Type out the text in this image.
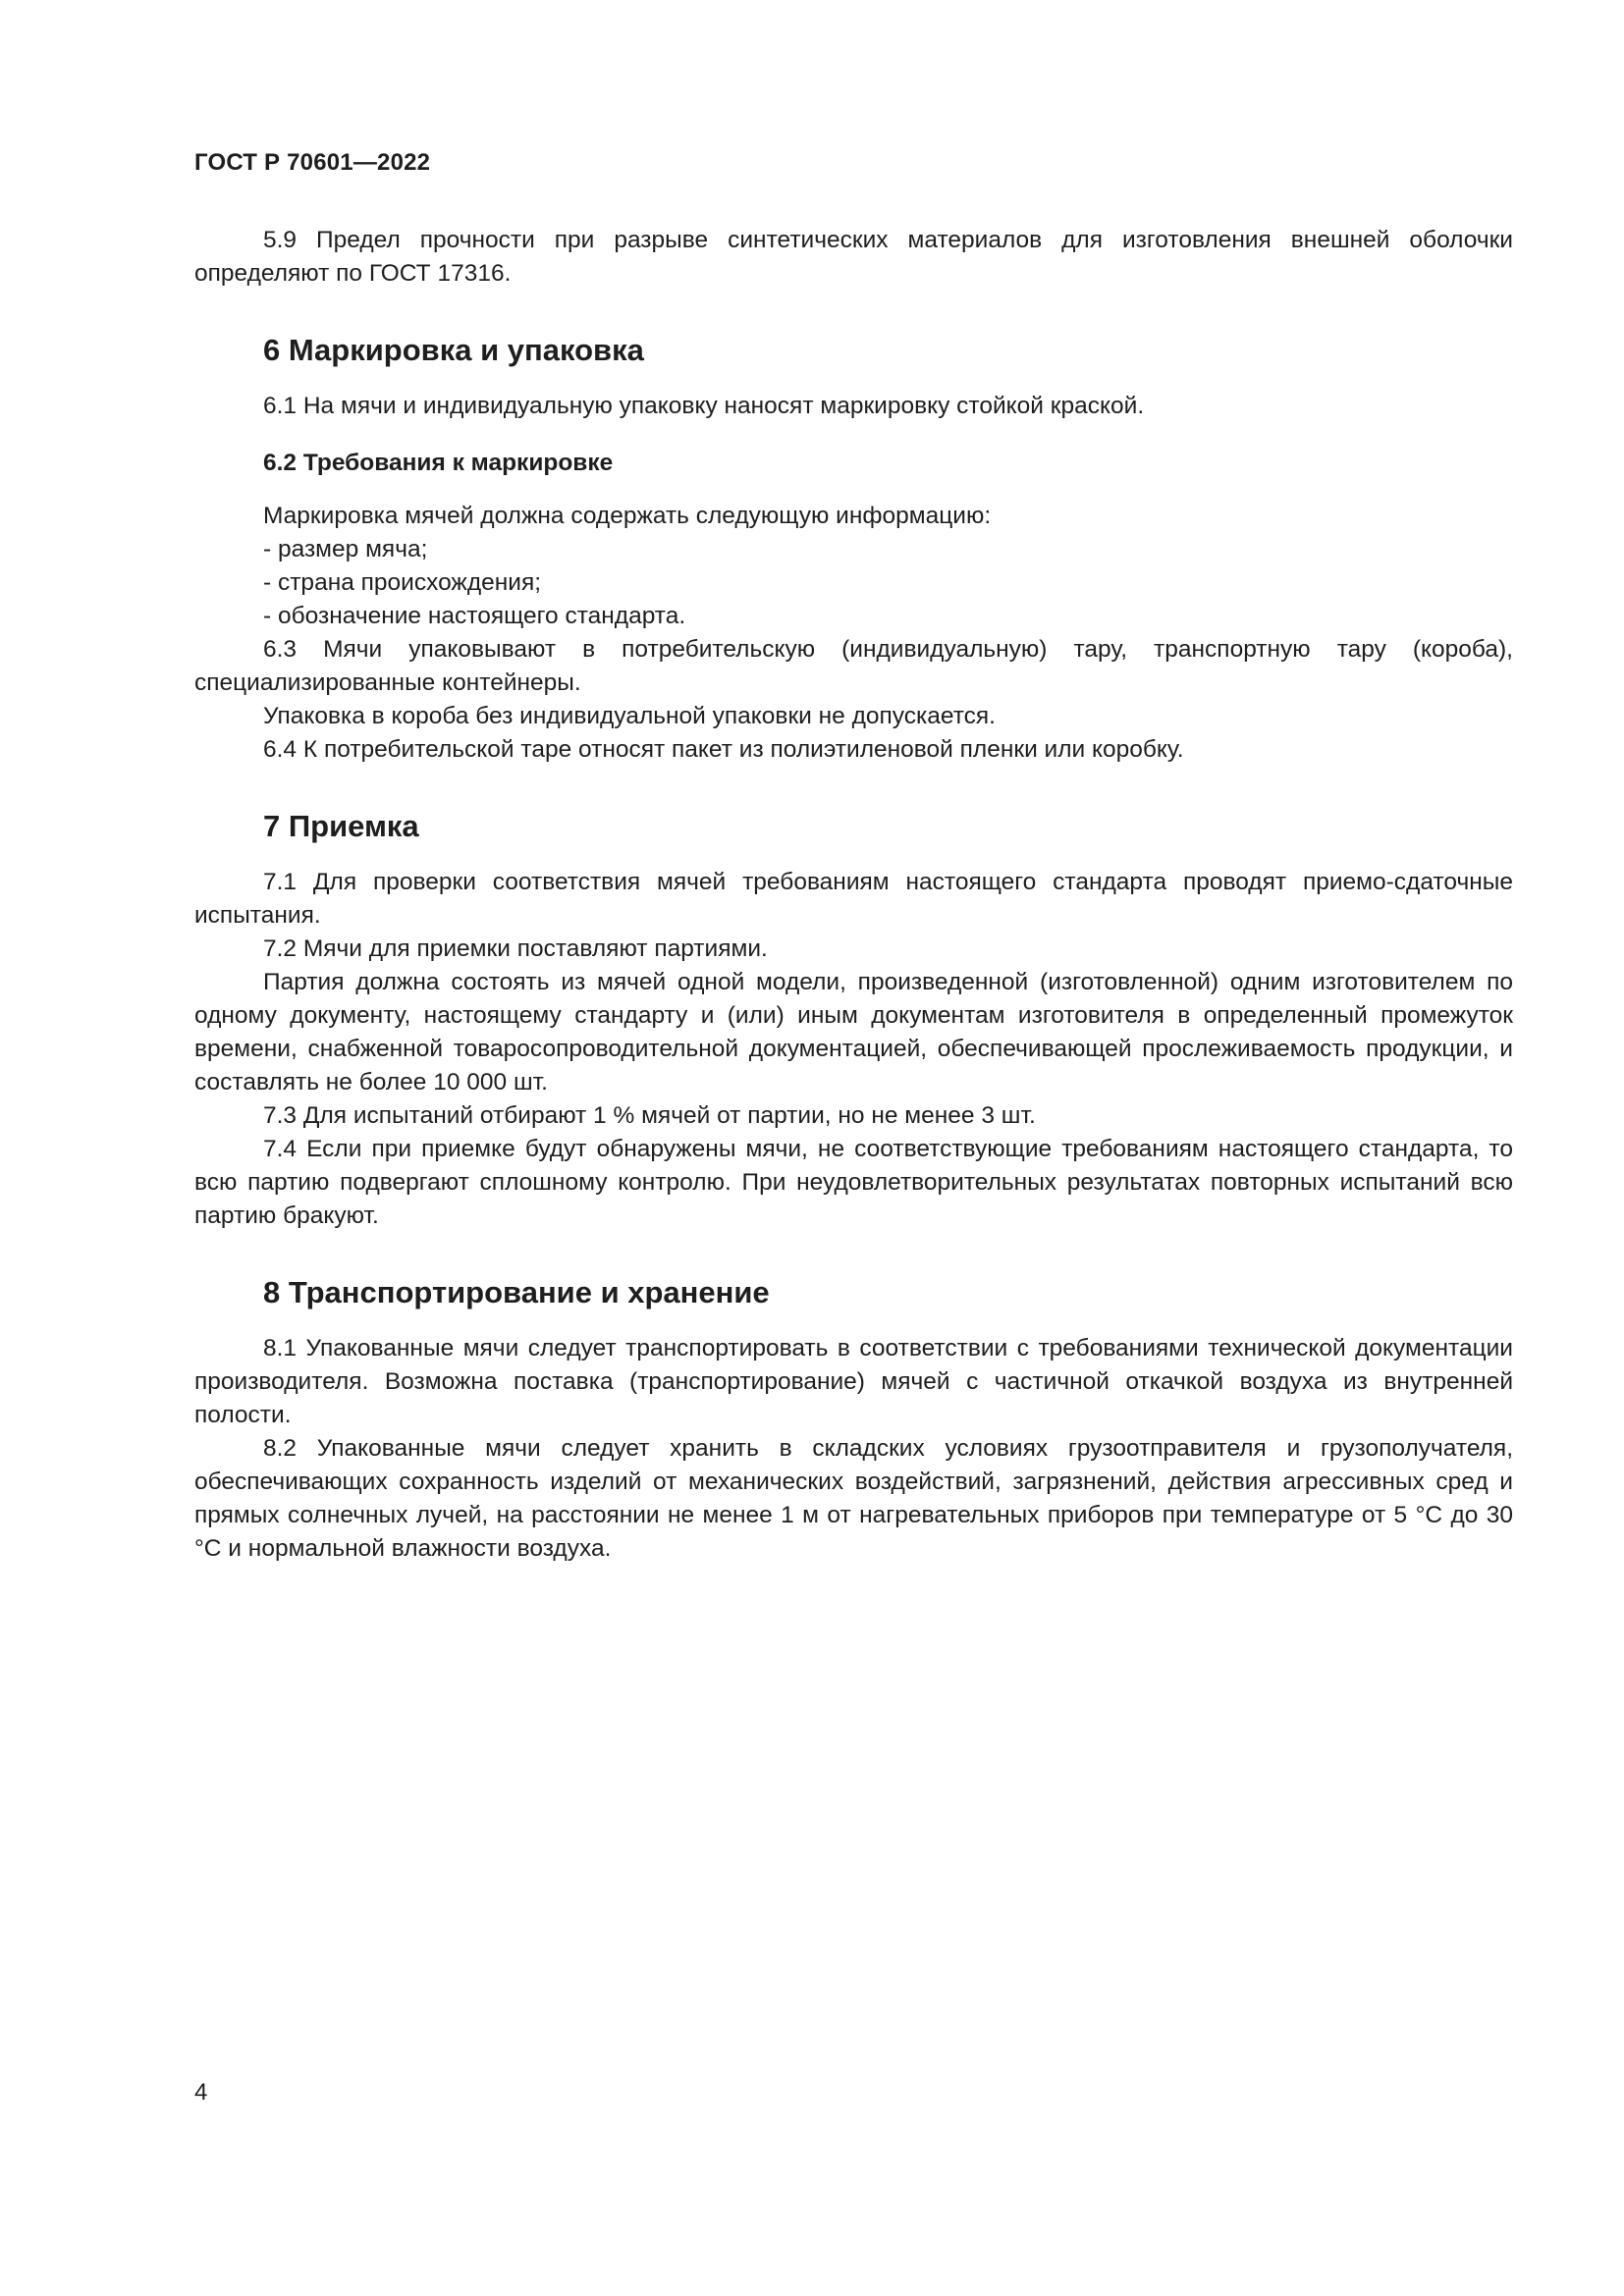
ГОСТ Р 70601—2022

5.9 Предел прочности при разрыве синтетических материалов для изготовления внешней оболочки определяют по ГОСТ 17316.

6 Маркировка и упаковка

6.1 На мячи и индивидуальную упаковку наносят маркировку стойкой краской.

6.2 Требования к маркировке

Маркировка мячей должна содержать следующую информацию:

- размер мяча;
- страна происхождения;
- обозначение настоящего стандарта.

6.3 Мячи упаковывают в потребительскую (индивидуальную) тару, транспортную тару (короба), специализированные контейнеры.

Упаковка в короба без индивидуальной упаковки не допускается.

6.4 К потребительской таре относят пакет из полиэтиленовой пленки или коробку.

7 Приемка

7.1 Для проверки соответствия мячей требованиям настоящего стандарта проводят приемо-сдаточные испытания.

7.2 Мячи для приемки поставляют партиями.

Партия должна состоять из мячей одной модели, произведенной (изготовленной) одним изготовителем по одному документу, настоящему стандарту и (или) иным документам изготовителя в определенный промежуток времени, снабженной товаросопроводительной документацией, обеспечивающей прослеживаемость продукции, и составлять не более 10 000 шт.

7.3 Для испытаний отбирают 1 % мячей от партии, но не менее 3 шт.

7.4 Если при приемке будут обнаружены мячи, не соответствующие требованиям настоящего стандарта, то всю партию подвергают сплошному контролю. При неудовлетворительных результатах повторных испытаний всю партию бракуют.

8 Транспортирование и хранение

8.1 Упакованные мячи следует транспортировать в соответствии с требованиями технической документации производителя. Возможна поставка (транспортирование) мячей с частичной откачкой воздуха из внутренней полости.

8.2 Упакованные мячи следует хранить в складских условиях грузоотправителя и грузополучателя, обеспечивающих сохранность изделий от механических воздействий, загрязнений, действия агрессивных сред и прямых солнечных лучей, на расстоянии не менее 1 м от нагревательных приборов при температуре от 5 °С до 30 °С и нормальной влажности воздуха.

4
